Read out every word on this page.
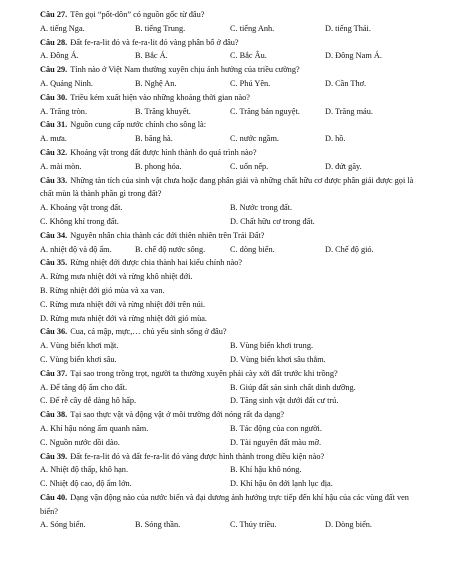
Câu 27. Tên gọi “pốt-dôn” có nguồn gốc từ đâu?
A. tiếng Nga.	B. tiếng Trung.	C. tiếng Anh.	D. tiếng Thái.
Câu 28. Đất fe-ra-lit đỏ và fe-ra-lit đỏ vàng phân bố ở đâu?
A. Đông Á.	B. Bắc Á.	C. Bắc Âu.	D. Đông Nam Á.
Câu 29. Tỉnh nào ở Việt Nam thường xuyên chịu ảnh hưởng của triều cường?
A. Quảng Ninh.	B. Nghệ An.	C. Phú Yên.	D. Cần Thơ.
Câu 30. Triều kém xuất hiện vào những khoảng thời gian nào?
A. Trăng tròn.	B. Trăng khuyết.	C. Trăng bán nguyệt.	D. Trăng máu.
Câu 31. Nguồn cung cấp nước chính cho sông là:
A. mưa.	B. băng hà.	C. nước ngầm.	D. hồ.
Câu 32. Khoáng vật trong đất được hình thành do quá trình nào?
A. mài mòn.	B. phong hóa.	C. uốn nếp.	D. đứt gãy.
Câu 33. Những tàn tích của sinh vật chưa hoặc đang phân giải và những chất hữu cơ được phân giải được gọi là chất mùn là thành phần gì trong đất?
A. Khoáng vật trong đất.	B. Nước trong đất.
C. Không khí trong đất.	D. Chất hữu cơ trong đất.
Câu 34. Nguyên nhân chia thành các đới thiên nhiên trên Trái Đất?
A. nhiệt độ và độ ẩm.	B. chế độ nước sông.	C. dòng biển.	D. Chế độ gió.
Câu 35. Rừng nhiệt đới được chia thành hai kiểu chính nào?
A. Rừng mưa nhiệt đới và rừng khô nhiệt đới.
B. Rừng nhiệt đới gió mùa và xa van.
C. Rừng mưa nhiệt đới và rừng nhiệt đới trên núi.
D. Rừng mưa nhiệt đới và rừng nhiệt đới gió mùa.
Câu 36. Cua, cá mập, mực,… chủ yếu sinh sống ở đâu?
A. Vùng biển khơi mặt.	B. Vùng biển khơi trung.
C. Vùng biển khơi sâu.	D. Vùng biển khơi sâu thẳm.
Câu 37. Tại sao trong trồng trọt, người ta thường xuyên phải cày xới đất trước khi trồng?
A. Để tăng độ ẩm cho đất.	B. Giúp đất sản sinh chất dinh dưỡng.
C. Để rễ cây dễ dàng hô hấp.	D. Tăng sinh vật dưới đất cư trú.
Câu 38. Tại sao thực vật và động vật ở môi trường đới nóng rất đa dạng?
A. Khí hậu nóng ẩm quanh năm.	B. Tác động của con người.
C. Nguồn nước dồi dào.	D. Tài nguyên đất màu mỡ.
Câu 39. Đất fe-ra-lit đỏ và đất fe-ra-lit đỏ vàng được hình thành trong điều kiện nào?
A. Nhiệt độ thấp, khô hạn.	B. Khí hậu khô nóng.
C. Nhiệt độ cao, độ ẩm lớn.	D. Khí hậu ôn đới lạnh lục địa.
Câu 40. Dạng vận động nào của nước biển và đại dương ảnh hưởng trực tiếp đến khí hậu của các vùng đất ven biển?
A. Sóng biển.	B. Sóng thần.	C. Thủy triều.	D. Dòng biển.
